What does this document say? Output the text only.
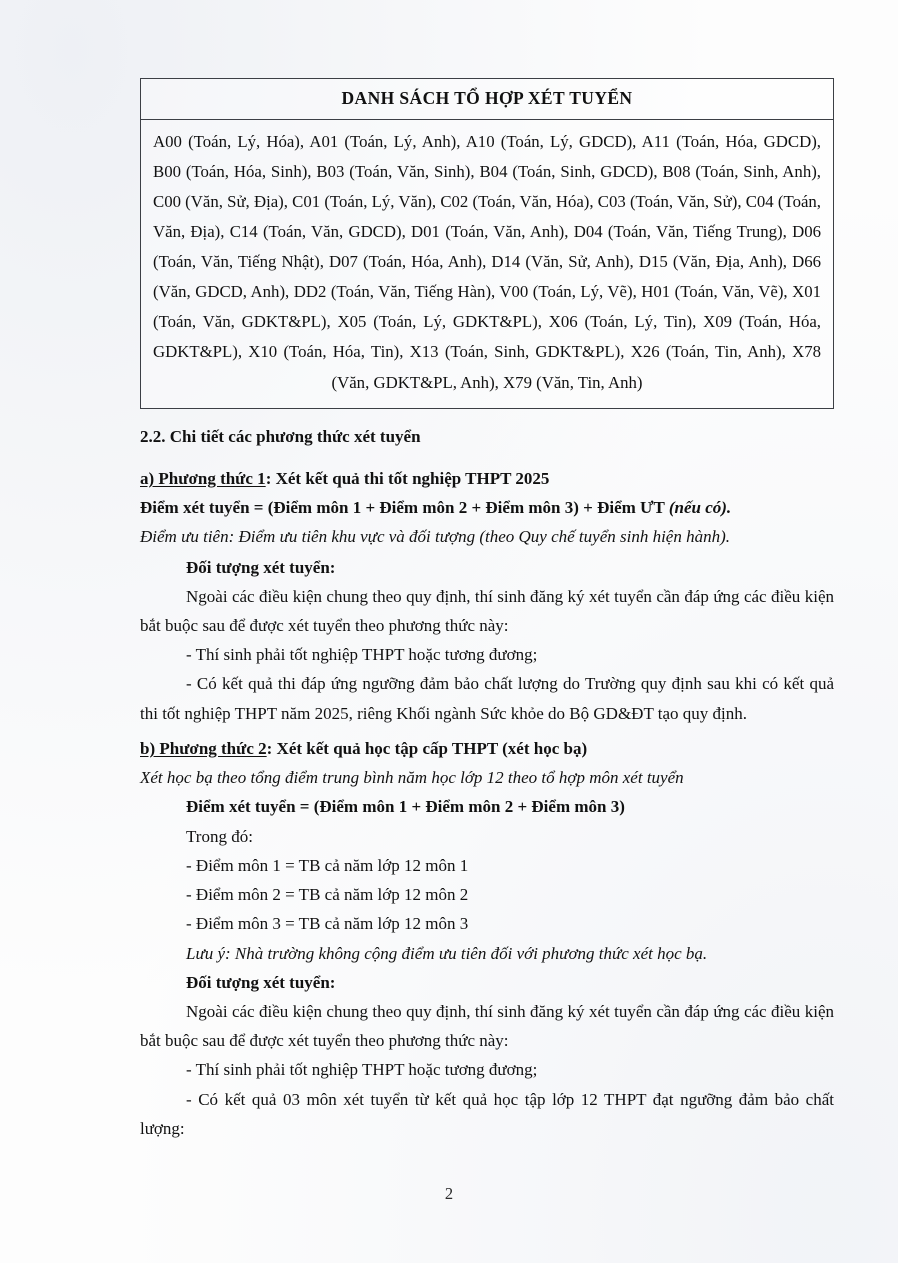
DANH SÁCH TỔ HỢP XÉT TUYỂN
A00 (Toán, Lý, Hóa), A01 (Toán, Lý, Anh), A10 (Toán, Lý, GDCD), A11 (Toán, Hóa, GDCD), B00 (Toán, Hóa, Sinh), B03 (Toán, Văn, Sinh), B04 (Toán, Sinh, GDCD), B08 (Toán, Sinh, Anh), C00 (Văn, Sử, Địa), C01 (Toán, Lý, Văn), C02 (Toán, Văn, Hóa), C03 (Toán, Văn, Sử), C04 (Toán, Văn, Địa), C14 (Toán, Văn, GDCD), D01 (Toán, Văn, Anh), D04 (Toán, Văn, Tiếng Trung), D06 (Toán, Văn, Tiếng Nhật), D07 (Toán, Hóa, Anh), D14 (Văn, Sử, Anh), D15 (Văn, Địa, Anh), D66 (Văn, GDCD, Anh), DD2 (Toán, Văn, Tiếng Hàn), V00 (Toán, Lý, Vẽ), H01 (Toán, Văn, Vẽ), X01 (Toán, Văn, GDKT&PL), X05 (Toán, Lý, GDKT&PL), X06 (Toán, Lý, Tin), X09 (Toán, Hóa, GDKT&PL), X10 (Toán, Hóa, Tin), X13 (Toán, Sinh, GDKT&PL), X26 (Toán, Tin, Anh), X78 (Văn, GDKT&PL, Anh), X79 (Văn, Tin, Anh)

2.2. Chi tiết các phương thức xét tuyển

a) Phương thức 1: Xét kết quả thi tốt nghiệp THPT 2025

Điểm xét tuyển = (Điểm môn 1 + Điểm môn 2 + Điểm môn 3) + Điểm ƯT (nếu có).

Điểm ưu tiên: Điểm ưu tiên khu vực và đối tượng (theo Quy chế tuyển sinh hiện hành).

Đối tượng xét tuyển:

Ngoài các điều kiện chung theo quy định, thí sinh đăng ký xét tuyển cần đáp ứng các điều kiện bắt buộc sau để được xét tuyển theo phương thức này:

- Thí sinh phải tốt nghiệp THPT hoặc tương đương;

- Có kết quả thi đáp ứng ngưỡng đảm bảo chất lượng do Trường quy định sau khi có kết quả thi tốt nghiệp THPT năm 2025, riêng Khối ngành Sức khỏe do Bộ GD&ĐT tạo quy định.

b) Phương thức 2: Xét kết quả học tập cấp THPT (xét học bạ)

Xét học bạ theo tổng điểm trung bình năm học lớp 12 theo tổ hợp môn xét tuyển

Điểm xét tuyển = (Điểm môn 1 + Điểm môn 2 + Điểm môn 3)

Trong đó:

- Điểm môn 1 = TB cả năm lớp 12 môn 1

- Điểm môn 2 = TB cả năm lớp 12 môn 2

- Điểm môn 3 = TB cả năm lớp 12 môn 3

Lưu ý: Nhà trường không cộng điểm ưu tiên đối với phương thức xét học bạ.

Đối tượng xét tuyển:

Ngoài các điều kiện chung theo quy định, thí sinh đăng ký xét tuyển cần đáp ứng các điều kiện bắt buộc sau để được xét tuyển theo phương thức này:

- Thí sinh phải tốt nghiệp THPT hoặc tương đương;

- Có kết quả 03 môn xét tuyển từ kết quả học tập lớp 12 THPT đạt ngưỡng đảm bảo chất lượng:

2
